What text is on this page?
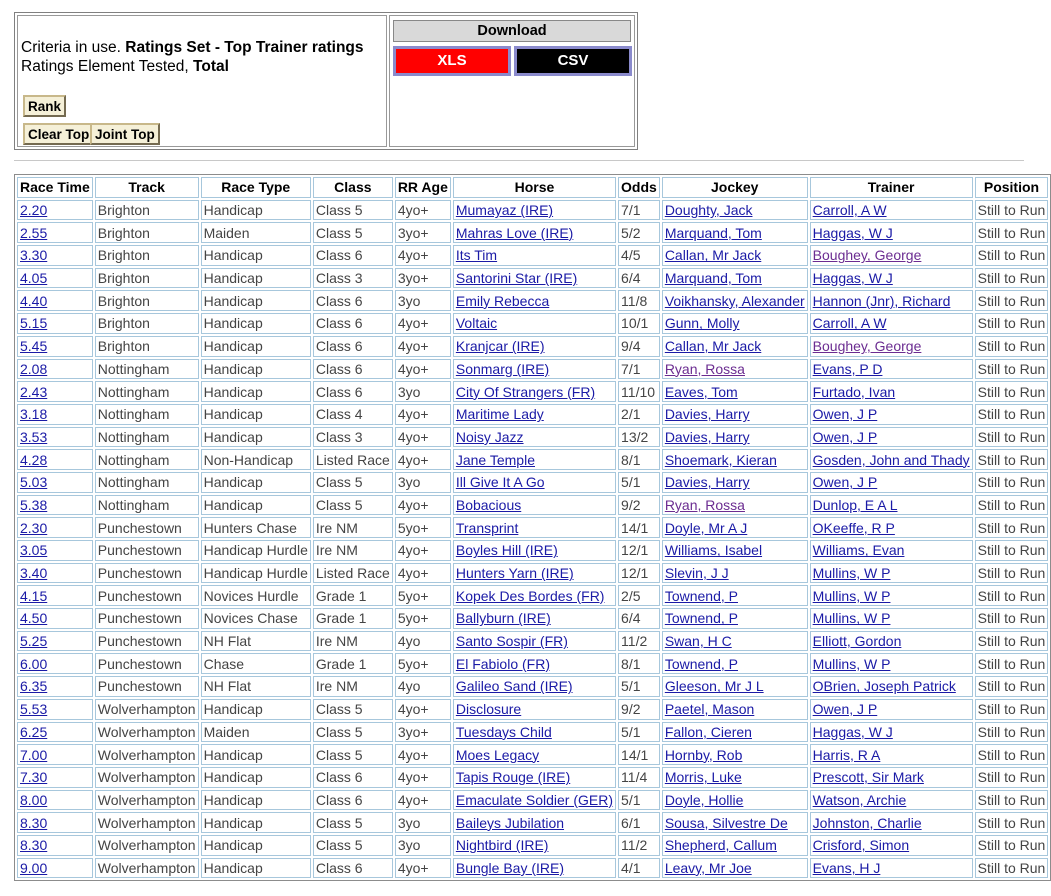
Criteria in use. Ratings Set - Top Trainer ratings
Ratings Element Tested, Total
Rank
Clear Top Joint Top
Download
XLS	CSV
Race Time	Track	Race Type	Class	RR Age	Horse	Odds	Jockey	Trainer	Position
2.20	Brighton	Handicap	Class 5	4yo+	Mumayaz (IRE)	7/1	Doughty, Jack	Carroll, A W	Still to Run
2.55	Brighton	Maiden	Class 5	3yo+	Mahras Love (IRE)	5/2	Marquand, Tom	Haggas, W J	Still to Run
3.30	Brighton	Handicap	Class 6	4yo+	Its Tim	4/5	Callan, Mr Jack	Boughey, George	Still to Run
4.05	Brighton	Handicap	Class 3	3yo+	Santorini Star (IRE)	6/4	Marquand, Tom	Haggas, W J	Still to Run
4.40	Brighton	Handicap	Class 6	3yo	Emily Rebecca	11/8	Voikhansky, Alexander	Hannon (Jnr), Richard	Still to Run
5.15	Brighton	Handicap	Class 6	4yo+	Voltaic	10/1	Gunn, Molly	Carroll, A W	Still to Run
5.45	Brighton	Handicap	Class 6	4yo+	Kranjcar (IRE)	9/4	Callan, Mr Jack	Boughey, George	Still to Run
2.08	Nottingham	Handicap	Class 6	4yo+	Sonmarg (IRE)	7/1	Ryan, Rossa	Evans, P D	Still to Run
2.43	Nottingham	Handicap	Class 6	3yo	City Of Strangers (FR)	11/10	Eaves, Tom	Furtado, Ivan	Still to Run
3.18	Nottingham	Handicap	Class 4	4yo+	Maritime Lady	2/1	Davies, Harry	Owen, J P	Still to Run
3.53	Nottingham	Handicap	Class 3	4yo+	Noisy Jazz	13/2	Davies, Harry	Owen, J P	Still to Run
4.28	Nottingham	Non-Handicap	Listed Race	4yo+	Jane Temple	8/1	Shoemark, Kieran	Gosden, John and Thady	Still to Run
5.03	Nottingham	Handicap	Class 5	3yo	Ill Give It A Go	5/1	Davies, Harry	Owen, J P	Still to Run
5.38	Nottingham	Handicap	Class 5	4yo+	Bobacious	9/2	Ryan, Rossa	Dunlop, E A L	Still to Run
2.30	Punchestown	Hunters Chase	Ire NM	5yo+	Transprint	14/1	Doyle, Mr A J	OKeeffe, R P	Still to Run
3.05	Punchestown	Handicap Hurdle	Ire NM	4yo+	Boyles Hill (IRE)	12/1	Williams, Isabel	Williams, Evan	Still to Run
3.40	Punchestown	Handicap Hurdle	Listed Race	4yo+	Hunters Yarn (IRE)	12/1	Slevin, J J	Mullins, W P	Still to Run
4.15	Punchestown	Novices Hurdle	Grade 1	5yo+	Kopek Des Bordes (FR)	2/5	Townend, P	Mullins, W P	Still to Run
4.50	Punchestown	Novices Chase	Grade 1	5yo+	Ballyburn (IRE)	6/4	Townend, P	Mullins, W P	Still to Run
5.25	Punchestown	NH Flat	Ire NM	4yo	Santo Sospir (FR)	11/2	Swan, H C	Elliott, Gordon	Still to Run
6.00	Punchestown	Chase	Grade 1	5yo+	El Fabiolo (FR)	8/1	Townend, P	Mullins, W P	Still to Run
6.35	Punchestown	NH Flat	Ire NM	4yo	Galileo Sand (IRE)	5/1	Gleeson, Mr J L	OBrien, Joseph Patrick	Still to Run
5.53	Wolverhampton	Handicap	Class 5	4yo+	Disclosure	9/2	Paetel, Mason	Owen, J P	Still to Run
6.25	Wolverhampton	Maiden	Class 5	3yo+	Tuesdays Child	5/1	Fallon, Cieren	Haggas, W J	Still to Run
7.00	Wolverhampton	Handicap	Class 5	4yo+	Moes Legacy	14/1	Hornby, Rob	Harris, R A	Still to Run
7.30	Wolverhampton	Handicap	Class 6	4yo+	Tapis Rouge (IRE)	11/4	Morris, Luke	Prescott, Sir Mark	Still to Run
8.00	Wolverhampton	Handicap	Class 6	4yo+	Emaculate Soldier (GER)	5/1	Doyle, Hollie	Watson, Archie	Still to Run
8.30	Wolverhampton	Handicap	Class 5	3yo	Baileys Jubilation	6/1	Sousa, Silvestre De	Johnston, Charlie	Still to Run
8.30	Wolverhampton	Handicap	Class 5	3yo	Nightbird (IRE)	11/2	Shepherd, Callum	Crisford, Simon	Still to Run
9.00	Wolverhampton	Handicap	Class 6	4yo+	Bungle Bay (IRE)	4/1	Leavy, Mr Joe	Evans, H J	Still to Run
